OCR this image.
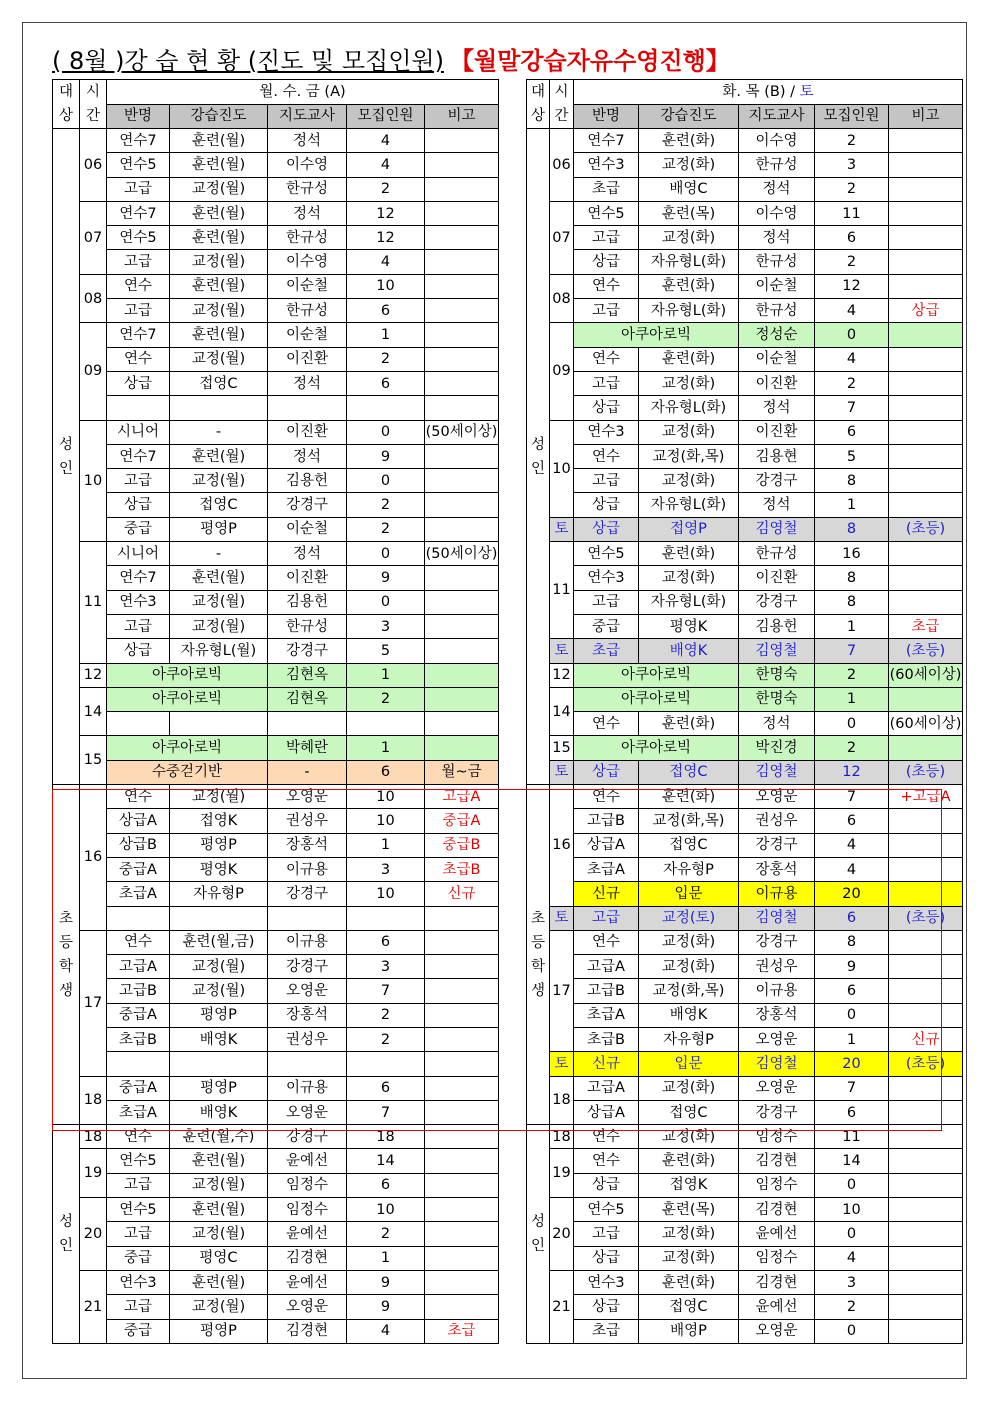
( 8월 )강 습 현 황 (진도 및 모집인원) 【월말강습자유수영진행】
대상	시간	월. 수. 금 (A)				
		반명	강습진도	지도교사	모집인원	비고
성인	06	연수7	훈련(월)	정석	4	
		연수5	훈련(월)	이수영	4	
		고급	교정(월)	한규성	2	
	07	연수7	훈련(월)	정석	12	
		연수5	훈련(월)	한규성	12	
		고급	교정(월)	이수영	4	
	08	연수	훈련(월)	이순철	10	
		고급	교정(월)	한규성	6	
	09	연수7	훈련(월)	이순철	1	
		연수	교정(월)	이진환	2	
		상급	접영C	정석	6	

	10	시니어	-	이진환	0	(50세이상)
		연수7	훈련(월)	정석	9	
		고급	교정(월)	김용헌	0	
		상급	접영C	강경구	2	
		중급	평영P	이순철	2	
	11	시니어	-	정석	0	(50세이상)
		연수7	훈련(월)	이진환	9	
		연수3	교정(월)	김용헌	0	
		고급	교정(월)	한규성	3	
		상급	자유형L(월)	강경구	5	
	12	아쿠아로빅		김현옥	1	
	14	아쿠아로빅		김현옥	2	

	15	아쿠아로빅		박혜란	1	
		수중걷기반		-	6	월~금
초등학생	16	연수	교정(월)	오영운	10	고급A
		상급A	접영K	권성우	10	중급A
		상급B	평영P	장홍석	1	중급B
		중급A	평영K	이규용	3	초급B
		초급A	자유형P	강경구	10	신규

	17	연수	훈련(월,금)	이규용	6	
		고급A	교정(월)	강경구	3	
		고급B	교정(월)	오영운	7	
		중급A	평영P	장홍석	2	
		초급B	배영K	권성우	2	

	18	중급A	평영P	이규용	6	
		초급A	배영K	오영운	7	
성인	18	연수	훈련(월,수)	강경구	18	
	19	연수5	훈련(월)	윤예선	14	
		고급	교정(월)	임정수	6	
	20	연수5	훈련(월)	임정수	10	
		고급	교정(월)	윤예선	2	
		중급	평영C	김경현	1	
	21	연수3	훈련(월)	윤예선	9	
		고급	교정(월)	오영운	9	
		중급	평영P	김경현	4	초급
대상	시간	화. 목 (B) / 토				
		반명	강습진도	지도교사	모집인원	비고
성인	06	연수7	훈련(화)	이수영	2	
		연수3	교정(화)	한규성	3	
		초급	배영C	정석	2	
	07	연수5	훈련(목)	이수영	11	
		고급	교정(화)	정석	6	
		상급	자유형L(화)	한규성	2	
	08	연수	훈련(화)	이순철	12	
		고급	자유형L(화)	한규성	4	상급
	09	아쿠아로빅		정성순	0	
		연수	훈련(화)	이순철	4	
		고급	교정(화)	이진환	2	
		상급	자유형L(화)	정석	7	
	10	연수3	교정(화)	이진환	6	
		연수	교정(화,목)	김용현	5	
		고급	교정(화)	강경구	8	
		상급	자유형L(화)	정석	1	
	토	상급	접영P	김영철	8	(초등)
	11	연수5	훈련(화)	한규성	16	
		연수3	교정(화)	이진환	8	
		고급	자유형L(화)	강경구	8	
		중급	평영K	김용헌	1	초급
	토	초급	배영K	김영철	7	(초등)
	12	아쿠아로빅		한명숙	2	(60세이상)
	14	아쿠아로빅		한명숙	1	
		연수	훈련(화)	정석	0	(60세이상)
	15	아쿠아로빅		박진경	2	
	토	상급	접영C	김영철	12	(초등)
초등학생	16	연수	훈련(화)	오영운	7	+고급A
		고급B	교정(화,목)	권성우	6	
		상급A	접영C	강경구	4	
		초급A	자유형P	장홍석	4	
		신규	입문	이규용	20	
	토	고급	교정(토)	김영철	6	(초등)
	17	연수	교정(화)	강경구	8	
		고급A	교정(화)	권성우	9	
		고급B	교정(화,목)	이규용	6	
		초급A	배영K	장홍석	0	
		초급B	자유형P	오영운	1	신규
	토	신규	입문	김영철	20	(초등)
	18	고급A	교정(화)	오영운	7	
		상급A	접영C	강경구	6	
성인	18	연수	교정(화)	임정수	11	
	19	연수	훈련(화)	김경현	14	
		상급	접영K	임정수	0	
	20	연수5	훈련(목)	김경현	10	
		고급	교정(화)	윤예선	0	
		상급	교정(화)	임정수	4	
	21	연수3	훈련(화)	김경현	3	
		상급	접영C	윤예선	2	
		초급	배영P	오영운	0	
